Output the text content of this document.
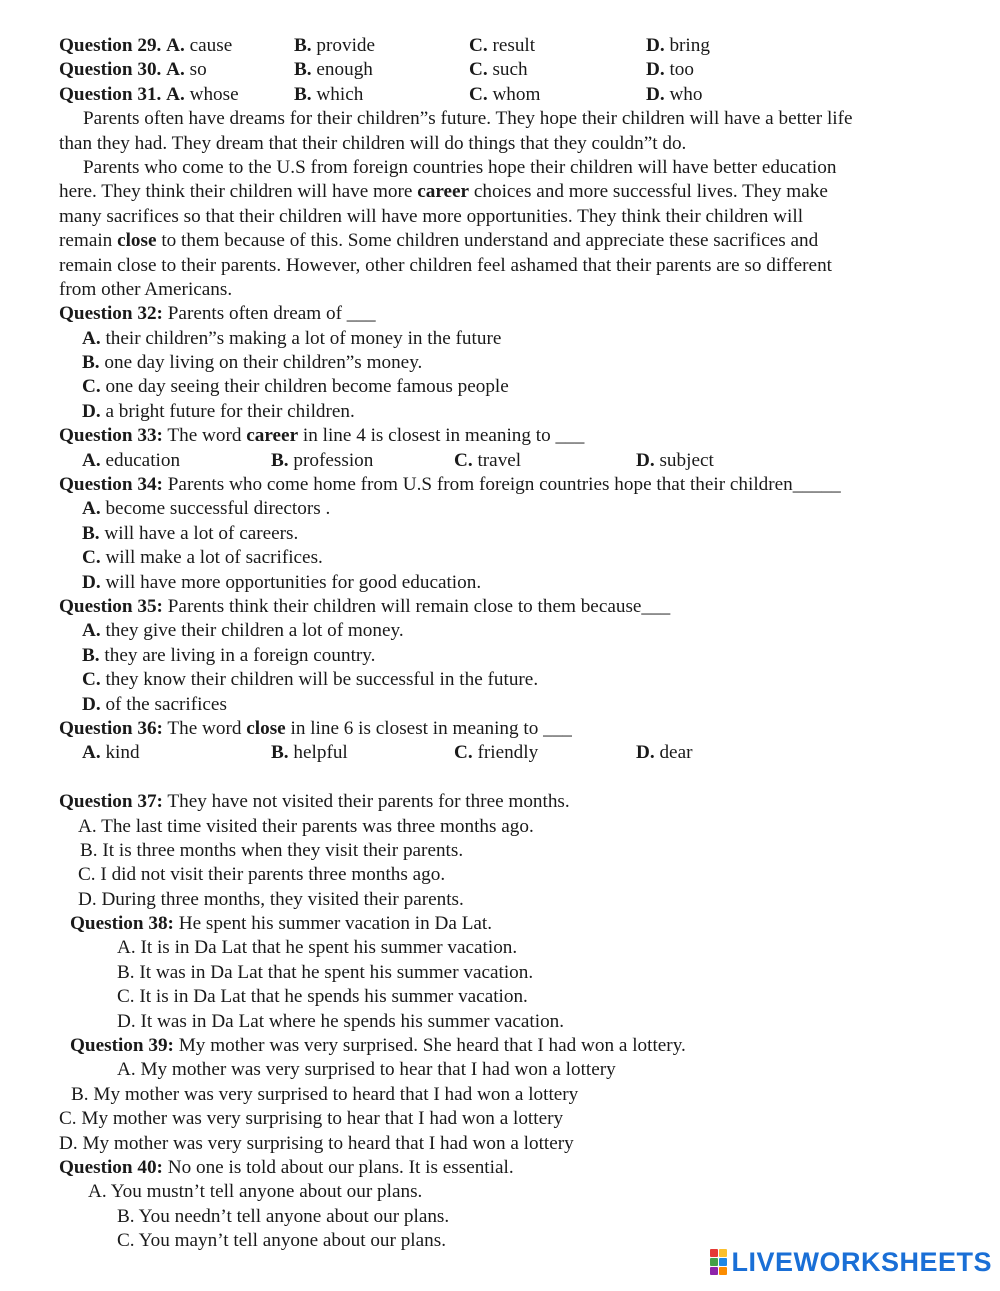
Question 29. A. cause	B. provide	C. result	D. bring
Question 30. A. so	B. enough	C. such	D. too
Question 31. A. whose	B. which	C. whom	D. who
Parents often have dreams for their children”s future. They hope their children will have a better life
than they had. They dream that their children will do things that they couldn”t do.
Parents who come to the U.S from foreign countries hope their children will have better education
here. They think their children will have more career choices and more successful lives. They make
many sacrifices so that their children will have more opportunities. They think their children will
remain close to them because of this. Some children understand and appreciate these sacrifices and
remain close to their parents. However, other children feel ashamed that their parents are so different
from other Americans.
Question 32: Parents often dream of ___
A. their children”s making a lot of money in the future
B. one day living on their children”s money.
C. one day seeing their children become famous people
D. a bright future for their children.
Question 33: The word career in line 4 is closest in meaning to ___
A. education	B. profession	C. travel	D. subject
Question 34: Parents who come home from U.S from foreign countries hope that their children_____
A. become successful directors .
B. will have a lot of careers.
C. will make a lot of sacrifices.
D. will have more opportunities for good education.
Question 35: Parents think their children will remain close to them because___
A. they give their children a lot of money.
B. they are living in a foreign country.
C. they know their children will be successful in the future.
D. of the sacrifices
Question 36: The word close in line 6 is closest in meaning to ___
A. kind	B. helpful	C. friendly	D. dear
Question 37: They have not visited their parents for three months.
A. The last time visited their parents was three months ago.
B. It is three months when they visit their parents.
C. I did not visit their parents three months ago.
D. During three months, they visited their parents.
Question 38: He spent his summer vacation in Da Lat.
A. It is in Da Lat that he spent his summer vacation.
B. It was in Da Lat that he spent his summer vacation.
C. It is in Da Lat that he spends his summer vacation.
D. It was in Da Lat where he spends his summer vacation.
Question 39: My mother was very surprised. She heard that I had won a lottery.
A. My mother was very surprised to hear that I had won a lottery
B. My mother was very surprised to heard that I had won a lottery
C. My mother was very surprising to hear that I had won a lottery
D. My mother was very surprising to heard that I had won a lottery
Question 40: No one is told about our plans. It is essential.
A. You mustn’t tell anyone about our plans.
B. You needn’t tell anyone about our plans.
C. You mayn’t tell anyone about our plans.
LIVEWORKSHEETS
